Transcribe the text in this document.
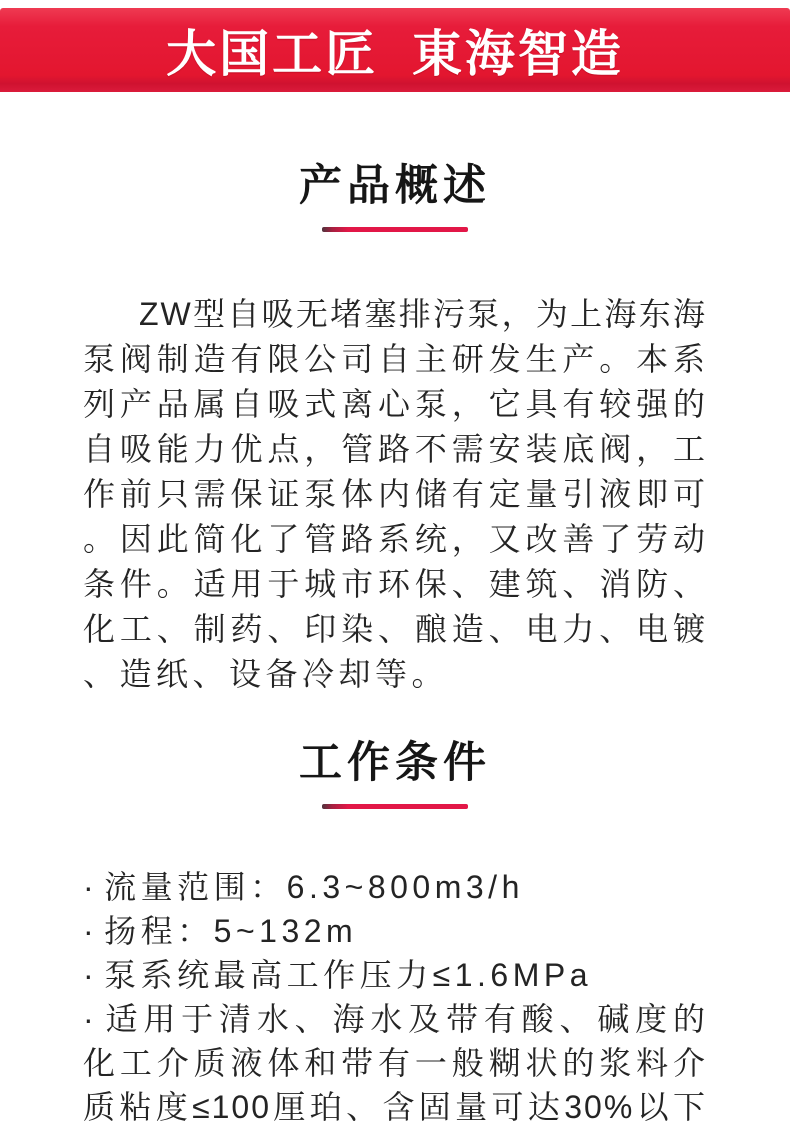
大国工匠  東海智造
产品概述
ZW型自吸无堵塞排污泵，为上海东海
泵阀制造有限公司自主研发生产。本系
列产品属自吸式离心泵，它具有较强的
自吸能力优点，管路不需安装底阀，工
作前只需保证泵体内储有定量引液即可
。因此简化了管路系统，又改善了劳动
条件。适用于城市环保、建筑、消防、
化工、制药、印染、酿造、电力、电镀
、造纸、设备冷却等。
工作条件
· 流量范围：6.3~800m3/h
· 扬程：5~132m
· 泵系统最高工作压力≤1.6MPa
· 适用于清水、海水及带有酸、碱度的
化工介质液体和带有一般糊状的浆料介
质粘度≤100厘珀、含固量可达30%以下
